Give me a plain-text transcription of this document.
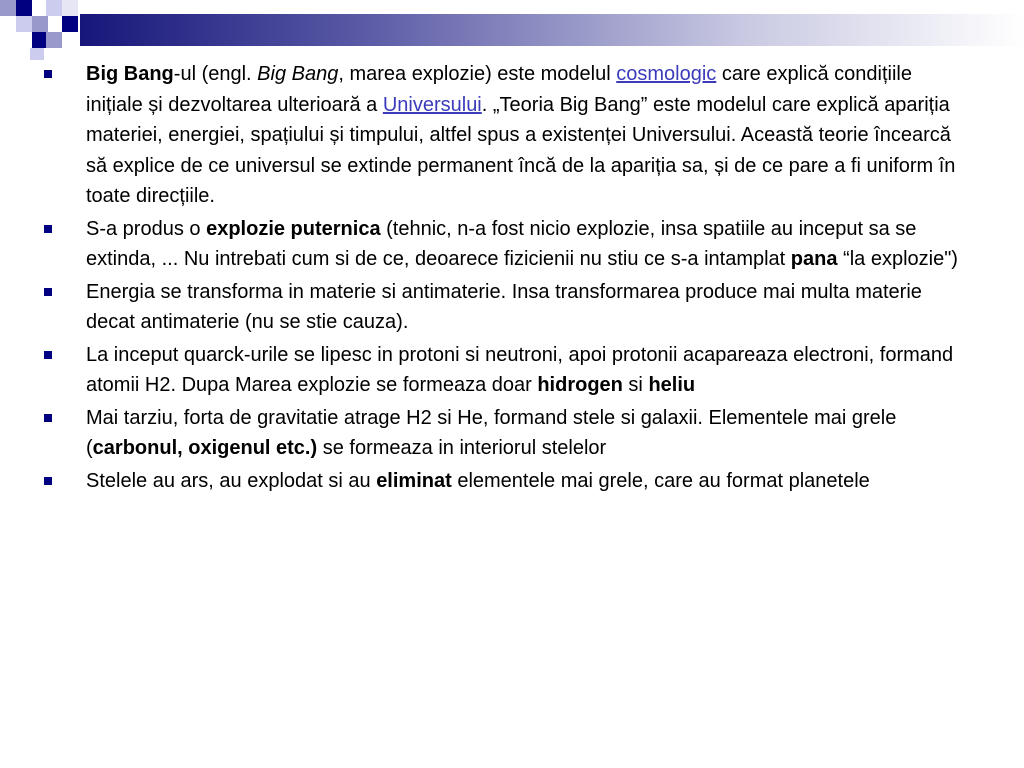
Big Bang-ul (engl. Big Bang, marea explozie) este modelul cosmologic care explică condițiile inițiale și dezvoltarea ulterioară a Universului. „Teoria Big Bang” este modelul care explică apariția materiei, energiei, spațiului și timpului, altfel spus a existenței Universului. Această teorie încearcă să explice de ce universul se extinde permanent încă de la apariția sa, și de ce pare a fi uniform în toate direcțiile.
S-a produs o explozie puternica (tehnic, n-a fost nicio explozie, insa spatiile au inceput sa se extinda, ... Nu intrebati cum si de ce, deoarece fizicienii nu stiu ce s-a intamplat pana “la explozie")
Energia se transforma in materie si antimaterie. Insa transformarea produce mai multa materie decat antimaterie (nu se stie cauza).
La inceput quarck-urile se lipesc in protoni si neutroni, apoi protonii acapareaza electroni, formand atomii H2. Dupa Marea explozie se formeaza doar hidrogen si heliu
Mai tarziu, forta de gravitatie atrage H2 si He, formand stele si galaxii. Elementele mai grele (carbonul, oxigenul etc.) se formeaza in interiorul stelelor
Stelele au ars, au explodat si au eliminat elementele mai grele, care au format planetele
